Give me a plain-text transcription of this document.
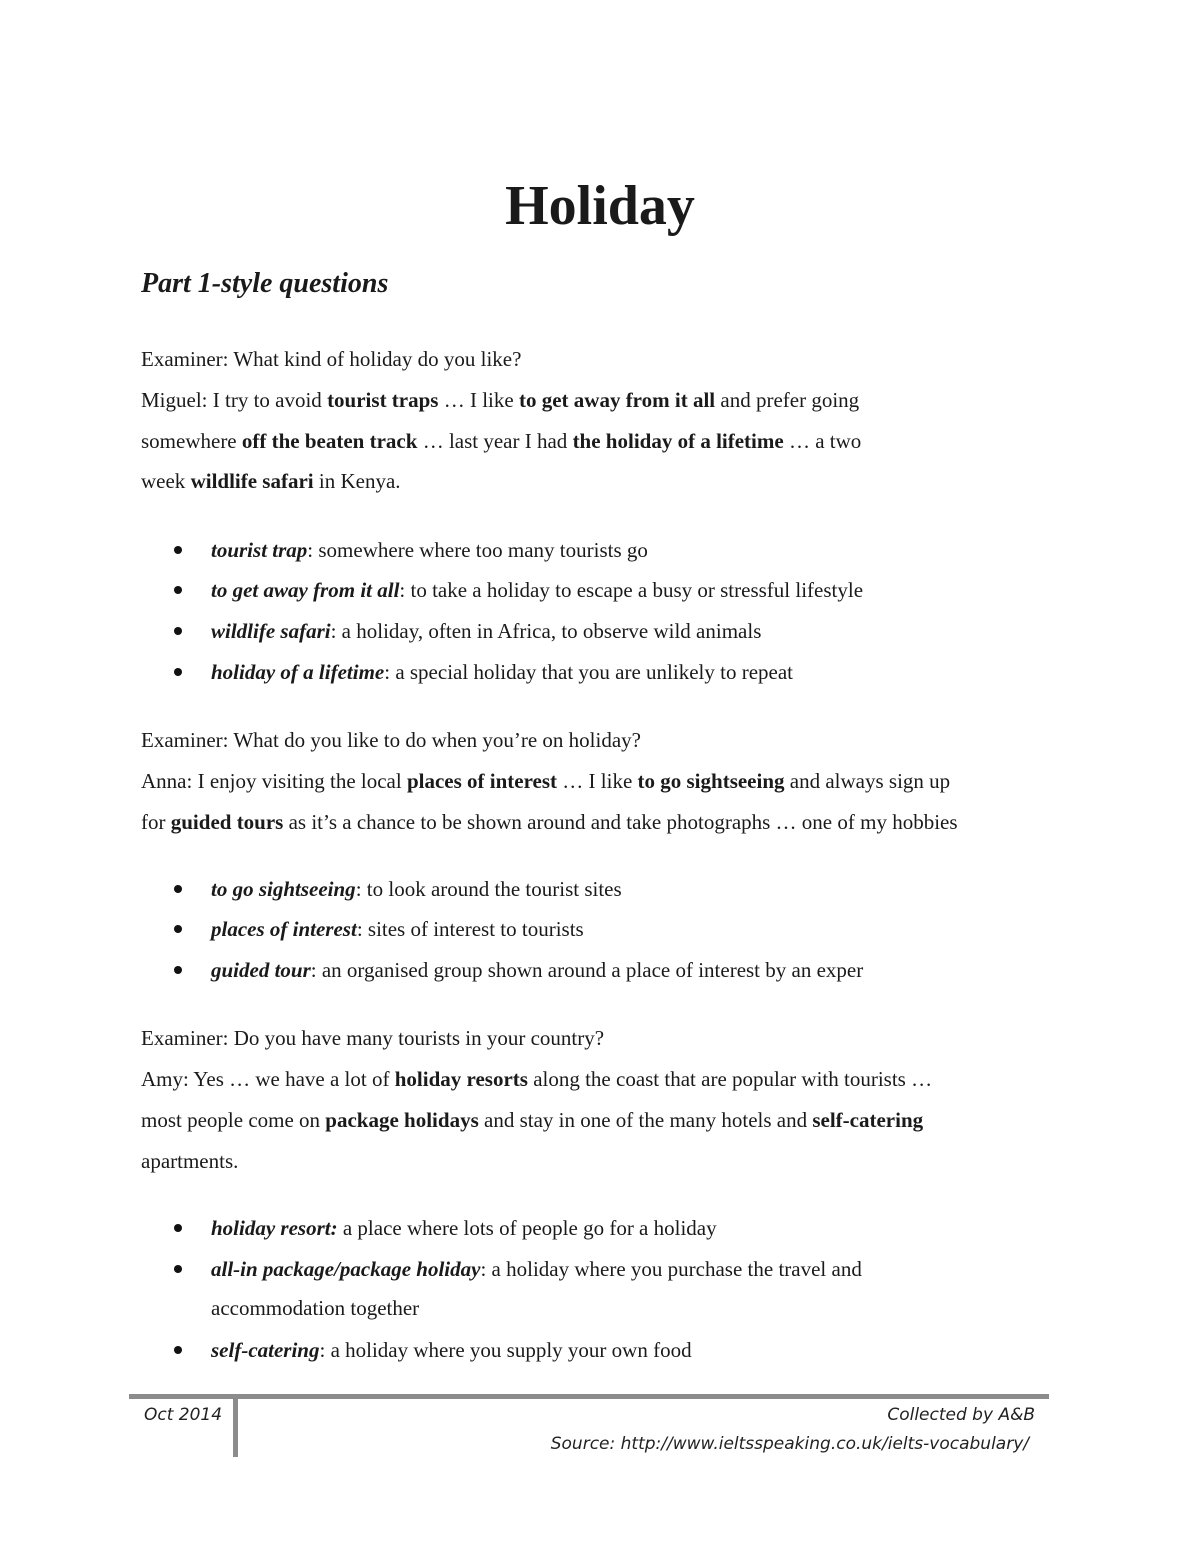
Holiday
Part 1-style questions
Examiner: What kind of holiday do you like?
Miguel: I try to avoid tourist traps … I like to get away from it all and prefer going
somewhere off the beaten track … last year I had the holiday of a lifetime … a two
week wildlife safari in Kenya.
tourist trap: somewhere where too many tourists go
to get away from it all: to take a holiday to escape a busy or stressful lifestyle
wildlife safari: a holiday, often in Africa, to observe wild animals
holiday of a lifetime: a special holiday that you are unlikely to repeat
Examiner: What do you like to do when you’re on holiday?
Anna: I enjoy visiting the local places of interest … I like to go sightseeing and always sign up
for guided tours as it’s a chance to be shown around and take photographs … one of my hobbies
to go sightseeing: to look around the tourist sites
places of interest: sites of interest to tourists
guided tour: an organised group shown around a place of interest by an exper
Examiner: Do you have many tourists in your country?
Amy: Yes … we have a lot of holiday resorts along the coast that are popular with tourists …
most people come on package holidays and stay in one of the many hotels and self-catering
apartments.
holiday resort: a place where lots of people go for a holiday
all-in package/package holiday: a holiday where you purchase the travel and
accommodation together
self-catering: a holiday where you supply your own food
Oct 2014	Collected by A&B
Source: http://www.ieltsspeaking.co.uk/ielts-vocabulary/
